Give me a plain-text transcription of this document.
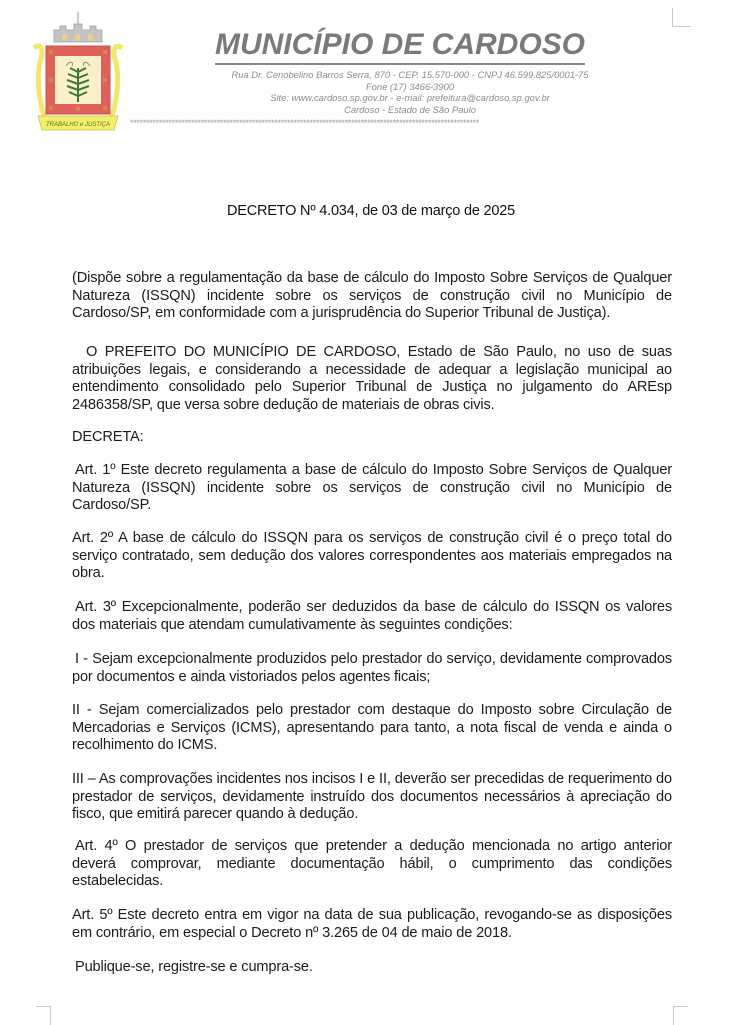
TRABALHO e JUSTIÇA
MUNICÍPIO DE CARDOSO
Rua Dr. Cenobelino Barros Serra, 870 - CEP. 15.570-000 - CNPJ 46.599.825/0001-75
Fone (17) 3466-3900
Site: www.cardoso.sp.gov.br - e-mail: prefeitura@cardoso.sp.gov.br
Cardoso - Estado de São Paulo
*************************************************************************************************************
DECRETO Nº 4.034, de 03 de março de 2025
(Dispõe sobre a regulamentação da base de cálculo do Imposto Sobre Serviços de Qualquer Natureza (ISSQN) incidente sobre os serviços de construção civil no Município de Cardoso/SP, em conformidade com a jurisprudência do Superior Tribunal de Justiça).
O PREFEITO DO MUNICÍPIO DE CARDOSO, Estado de São Paulo, no uso de suas atribuições legais, e considerando a necessidade de adequar a legislação municipal ao entendimento consolidado pelo Superior Tribunal de Justiça no julgamento do AREsp 2486358/SP, que versa sobre dedução de materiais de obras civis.
DECRETA:
Art. 1º Este decreto regulamenta a base de cálculo do Imposto Sobre Serviços de Qualquer Natureza (ISSQN) incidente sobre os serviços de construção civil no Município de Cardoso/SP.
Art. 2º A base de cálculo do ISSQN para os serviços de construção civil é o preço total do serviço contratado, sem dedução dos valores correspondentes aos materiais empregados na obra.
Art. 3º Excepcionalmente, poderão ser deduzidos da base de cálculo do ISSQN os valores dos materiais que atendam cumulativamente às seguintes condições:
I - Sejam excepcionalmente produzidos pelo prestador do serviço, devidamente comprovados por documentos e ainda vistoriados pelos agentes ficais;
II - Sejam comercializados pelo prestador com destaque do Imposto sobre Circulação de Mercadorias e Serviços (ICMS), apresentando para tanto, a nota fiscal de venda e ainda o recolhimento do ICMS.
III – As comprovações incidentes nos incisos I e II, deverão ser precedidas de requerimento do prestador de serviços, devidamente instruído dos documentos necessários à apreciação do fisco, que emitirá parecer quando à dedução.
Art. 4º O prestador de serviços que pretender a dedução mencionada no artigo anterior deverá comprovar, mediante documentação hábil, o cumprimento das condições estabelecidas.
Art. 5º Este decreto entra em vigor na data de sua publicação, revogando-se as disposições em contrário, em especial o Decreto nº 3.265 de 04 de maio de 2018.
Publique-se, registre-se e cumpra-se.
